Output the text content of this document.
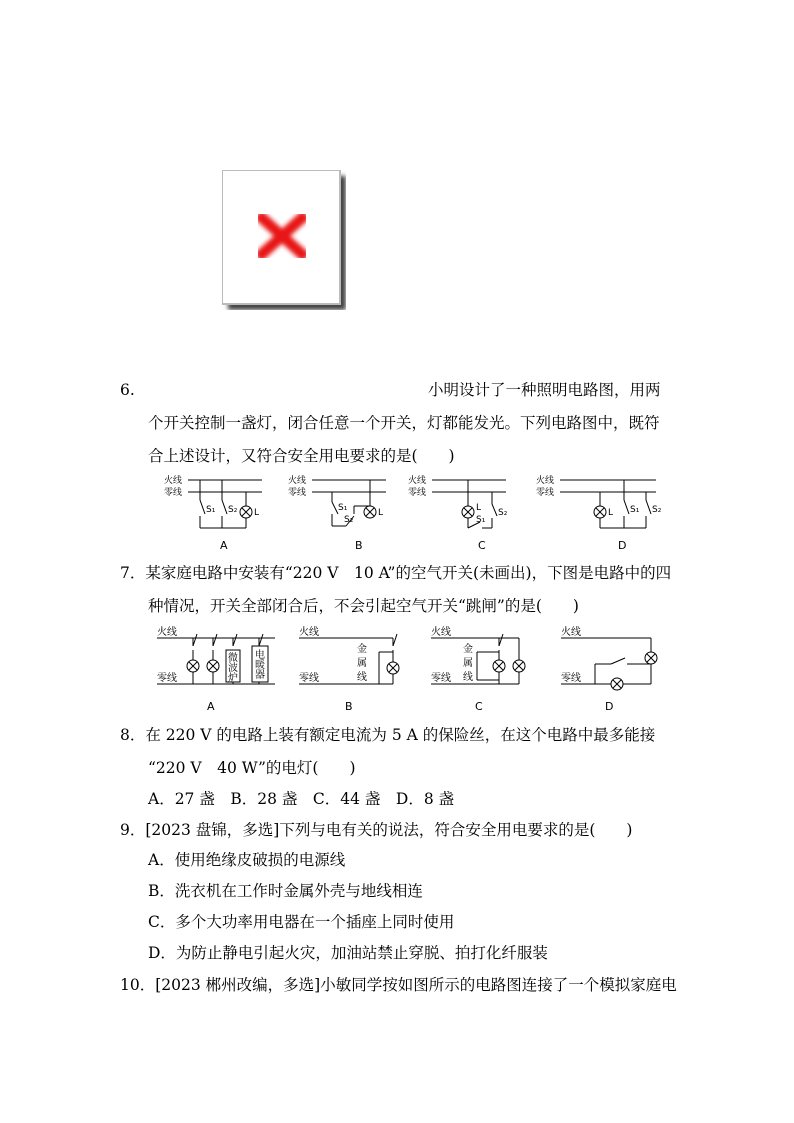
6.	小明设计了一种照明电路图，用两
个开关控制一盏灯，闭合任意一个开关，灯都能发光。下列电路图中，既符
合上述设计，又符合安全用电要求的是(　　)
火线
零线
S₁ S₂ L
火线
零线
S₁
S₂
L
火线
零线
L
S₁
S₂
火线
零线
L S₁ S₂
A	B	C	D
7．某家庭电路中安装有“220 V　10 A”的空气开关(未画出)，下图是电路中的四
种情况，开关全部闭合后，不会引起空气开关“跳闸”的是(　　)
火线
零线
微
波
炉
电
暖
器
火线
零线
金
属
线
火线
零线
金
属
线
火线
零线
A	B	C	D
8．在 220 V 的电路上装有额定电流为 5 A 的保险丝，在这个电路中最多能接
“220 V　40 W”的电灯(　　)
A．27 盏　B．28 盏　C．44 盏　D．8 盏
9．[2023 盘锦，多选]下列与电有关的说法，符合安全用电要求的是(　　)
A．使用绝缘皮破损的电源线
B．洗衣机在工作时金属外壳与地线相连
C．多个大功率用电器在一个插座上同时使用
D．为防止静电引起火灾，加油站禁止穿脱、拍打化纤服装
10．[2023 郴州改编，多选]小敏同学按如图所示的电路图连接了一个模拟家庭电
